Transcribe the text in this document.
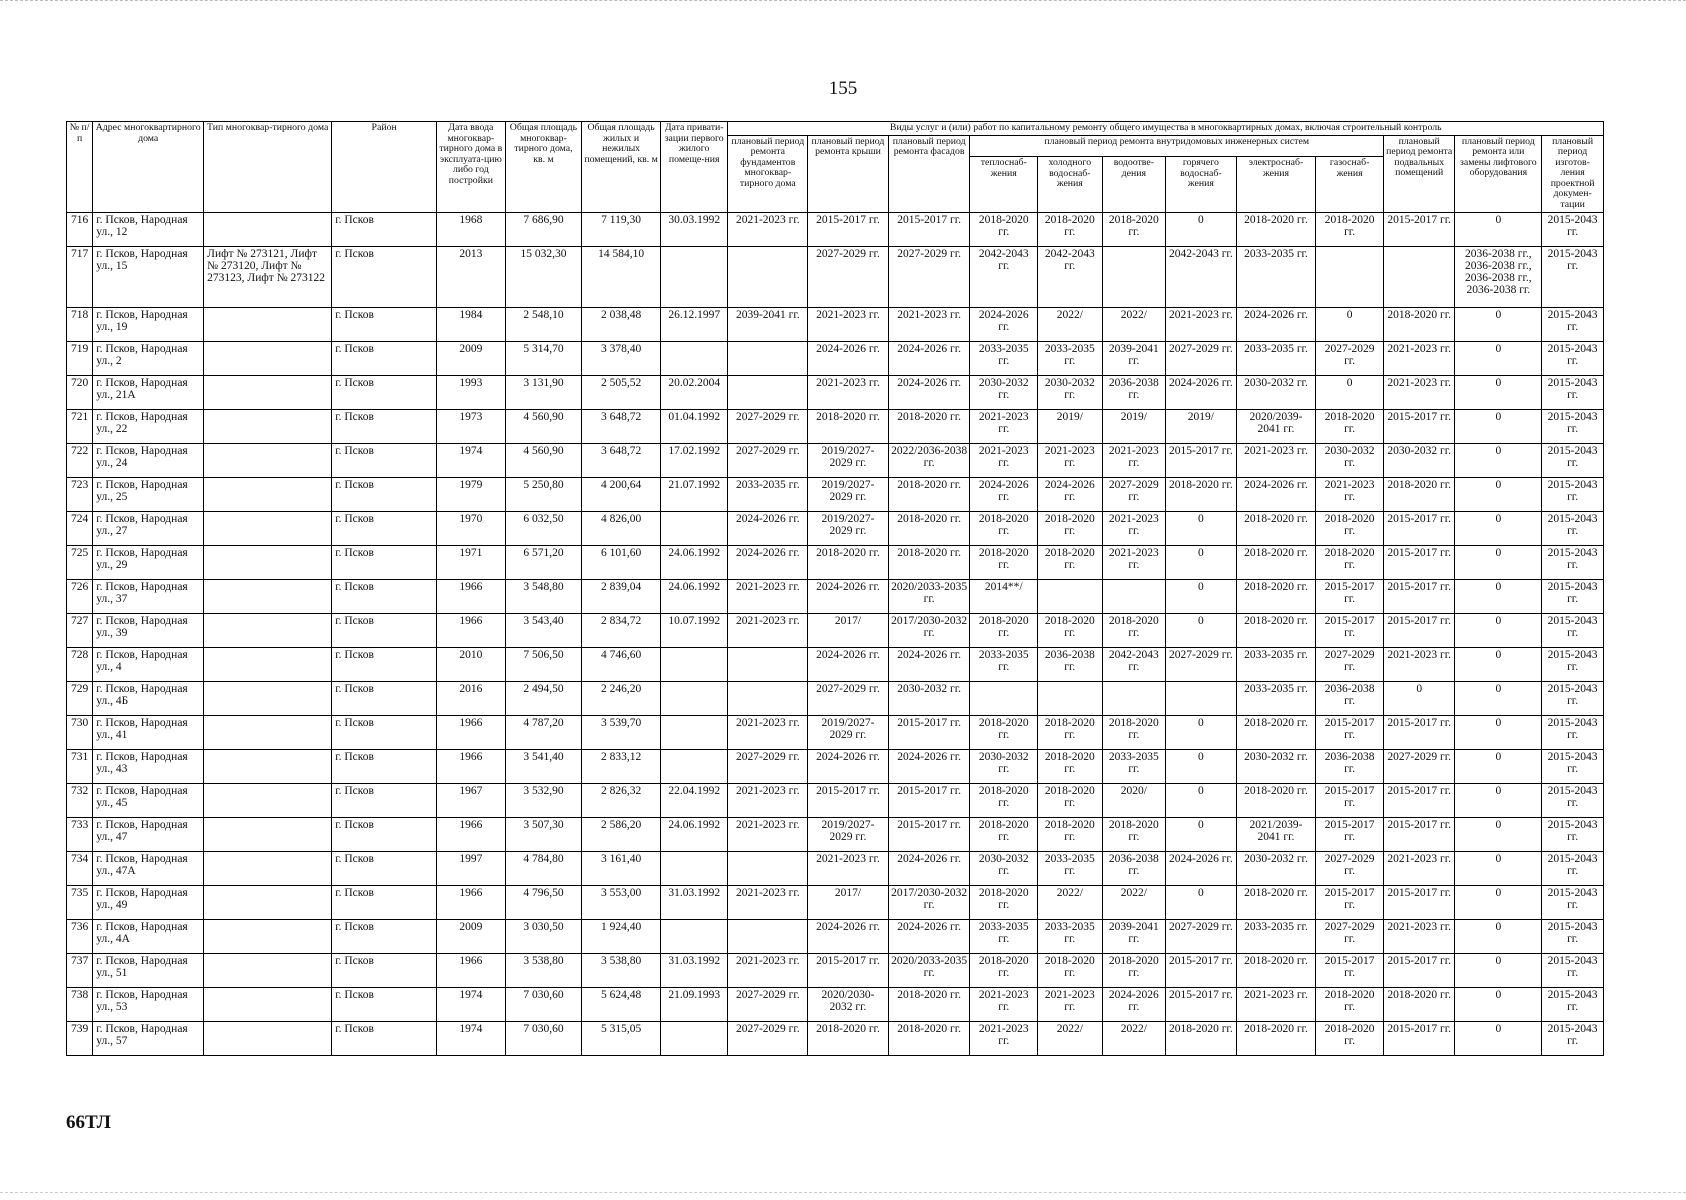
155
№ п/п	Адрес многоквартирного дома	Тип многоквар-тирного дома	Район	Дата ввода многоквар-тирного дома в эксплуата-цию либо год постройки	Общая площадь многоквар-тирного дома, кв. м	Общая площадь жилых и нежилых помещений, кв. м	Дата привати-зации первого жилого помеще-ния	Виды услуг и (или) работ по капитальному ремонту общего имущества в многоквартирных домах, включая строительный контроль											
								плановый период ремонта фундаментов многоквар-тирного дома	плановый период ремонта крыши	плановый период ремонта фасадов	плановый период ремонта внутридомовых инженерных систем						плановый период ремонта подвальных помещений	плановый период ремонта или замены лифтового оборудования	плановый период изготов-ления проектной докумен-тации
											теплоснаб-жения	холодного водоснаб-жения	водоотве-дения	горячего водоснаб-жения	электроснаб-жения	газоснаб-жения			
716	г. Псков, Народная ул., 12		г. Псков	1968	7 686,90	7 119,30	30.03.1992	2021-2023 гг.	2015-2017 гг.	2015-2017 гг.	2018-2020 гг.	2018-2020 гг.	2018-2020 гг.	0	2018-2020 гг.	2018-2020 гг.	2015-2017 гг.	0	2015-2043 гг.
717	г. Псков, Народная ул., 15	Лифт № 273121, Лифт № 273120, Лифт № 273123, Лифт № 273122	г. Псков	2013	15 032,30	14 584,10			2027-2029 гг.	2027-2029 гг.	2042-2043 гг.	2042-2043 гг.		2042-2043 гг.	2033-2035 гг.			2036-2038 гг., 2036-2038 гг., 2036-2038 гг., 2036-2038 гг.	2015-2043 гг.
718	г. Псков, Народная ул., 19		г. Псков	1984	2 548,10	2 038,48	26.12.1997	2039-2041 гг.	2021-2023 гг.	2021-2023 гг.	2024-2026 гг.	2022/	2022/	2021-2023 гг.	2024-2026 гг.	0	2018-2020 гг.	0	2015-2043 гг.
719	г. Псков, Народная ул., 2		г. Псков	2009	5 314,70	3 378,40			2024-2026 гг.	2024-2026 гг.	2033-2035 гг.	2033-2035 гг.	2039-2041 гг.	2027-2029 гг.	2033-2035 гг.	2027-2029 гг.	2021-2023 гг.	0	2015-2043 гг.
720	г. Псков, Народная ул., 21А		г. Псков	1993	3 131,90	2 505,52	20.02.2004		2021-2023 гг.	2024-2026 гг.	2030-2032 гг.	2030-2032 гг.	2036-2038 гг.	2024-2026 гг.	2030-2032 гг.	0	2021-2023 гг.	0	2015-2043 гг.
721	г. Псков, Народная ул., 22		г. Псков	1973	4 560,90	3 648,72	01.04.1992	2027-2029 гг.	2018-2020 гг.	2018-2020 гг.	2021-2023 гг.	2019/	2019/	2019/	2020/2039-2041 гг.	2018-2020 гг.	2015-2017 гг.	0	2015-2043 гг.
722	г. Псков, Народная ул., 24		г. Псков	1974	4 560,90	3 648,72	17.02.1992	2027-2029 гг.	2019/2027-2029 гг.	2022/2036-2038 гг.	2021-2023 гг.	2021-2023 гг.	2021-2023 гг.	2015-2017 гг.	2021-2023 гг.	2030-2032 гг.	2030-2032 гг.	0	2015-2043 гг.
723	г. Псков, Народная ул., 25		г. Псков	1979	5 250,80	4 200,64	21.07.1992	2033-2035 гг.	2019/2027-2029 гг.	2018-2020 гг.	2024-2026 гг.	2024-2026 гг.	2027-2029 гг.	2018-2020 гг.	2024-2026 гг.	2021-2023 гг.	2018-2020 гг.	0	2015-2043 гг.
724	г. Псков, Народная ул., 27		г. Псков	1970	6 032,50	4 826,00		2024-2026 гг.	2019/2027-2029 гг.	2018-2020 гг.	2018-2020 гг.	2018-2020 гг.	2021-2023 гг.	0	2018-2020 гг.	2018-2020 гг.	2015-2017 гг.	0	2015-2043 гг.
725	г. Псков, Народная ул., 29		г. Псков	1971	6 571,20	6 101,60	24.06.1992	2024-2026 гг.	2018-2020 гг.	2018-2020 гг.	2018-2020 гг.	2018-2020 гг.	2021-2023 гг.	0	2018-2020 гг.	2018-2020 гг.	2015-2017 гг.	0	2015-2043 гг.
726	г. Псков, Народная ул., 37		г. Псков	1966	3 548,80	2 839,04	24.06.1992	2021-2023 гг.	2024-2026 гг.	2020/2033-2035 гг.	2014**/			0	2018-2020 гг.	2015-2017 гг.	2015-2017 гг.	0	2015-2043 гг.
727	г. Псков, Народная ул., 39		г. Псков	1966	3 543,40	2 834,72	10.07.1992	2021-2023 гг.	2017/	2017/2030-2032 гг.	2018-2020 гг.	2018-2020 гг.	2018-2020 гг.	0	2018-2020 гг.	2015-2017 гг.	2015-2017 гг.	0	2015-2043 гг.
728	г. Псков, Народная ул., 4		г. Псков	2010	7 506,50	4 746,60			2024-2026 гг.	2024-2026 гг.	2033-2035 гг.	2036-2038 гг.	2042-2043 гг.	2027-2029 гг.	2033-2035 гг.	2027-2029 гг.	2021-2023 гг.	0	2015-2043 гг.
729	г. Псков, Народная ул., 4Б		г. Псков	2016	2 494,50	2 246,20			2027-2029 гг.	2030-2032 гг.					2033-2035 гг.	2036-2038 гг.	0	0	2015-2043 гг.
730	г. Псков, Народная ул., 41		г. Псков	1966	4 787,20	3 539,70		2021-2023 гг.	2019/2027-2029 гг.	2015-2017 гг.	2018-2020 гг.	2018-2020 гг.	2018-2020 гг.	0	2018-2020 гг.	2015-2017 гг.	2015-2017 гг.	0	2015-2043 гг.
731	г. Псков, Народная ул., 43		г. Псков	1966	3 541,40	2 833,12		2027-2029 гг.	2024-2026 гг.	2024-2026 гг.	2030-2032 гг.	2018-2020 гг.	2033-2035 гг.	0	2030-2032 гг.	2036-2038 гг.	2027-2029 гг.	0	2015-2043 гг.
732	г. Псков, Народная ул., 45		г. Псков	1967	3 532,90	2 826,32	22.04.1992	2021-2023 гг.	2015-2017 гг.	2015-2017 гг.	2018-2020 гг.	2018-2020 гг.	2020/	0	2018-2020 гг.	2015-2017 гг.	2015-2017 гг.	0	2015-2043 гг.
733	г. Псков, Народная ул., 47		г. Псков	1966	3 507,30	2 586,20	24.06.1992	2021-2023 гг.	2019/2027-2029 гг.	2015-2017 гг.	2018-2020 гг.	2018-2020 гг.	2018-2020 гг.	0	2021/2039-2041 гг.	2015-2017 гг.	2015-2017 гг.	0	2015-2043 гг.
734	г. Псков, Народная ул., 47А		г. Псков	1997	4 784,80	3 161,40			2021-2023 гг.	2024-2026 гг.	2030-2032 гг.	2033-2035 гг.	2036-2038 гг.	2024-2026 гг.	2030-2032 гг.	2027-2029 гг.	2021-2023 гг.	0	2015-2043 гг.
735	г. Псков, Народная ул., 49		г. Псков	1966	4 796,50	3 553,00	31.03.1992	2021-2023 гг.	2017/	2017/2030-2032 гг.	2018-2020 гг.	2022/	2022/	0	2018-2020 гг.	2015-2017 гг.	2015-2017 гг.	0	2015-2043 гг.
736	г. Псков, Народная ул., 4А		г. Псков	2009	3 030,50	1 924,40			2024-2026 гг.	2024-2026 гг.	2033-2035 гг.	2033-2035 гг.	2039-2041 гг.	2027-2029 гг.	2033-2035 гг.	2027-2029 гг.	2021-2023 гг.	0	2015-2043 гг.
737	г. Псков, Народная ул., 51		г. Псков	1966	3 538,80	3 538,80	31.03.1992	2021-2023 гг.	2015-2017 гг.	2020/2033-2035 гг.	2018-2020 гг.	2018-2020 гг.	2018-2020 гг.	2015-2017 гг.	2018-2020 гг.	2015-2017 гг.	2015-2017 гг.	0	2015-2043 гг.
738	г. Псков, Народная ул., 53		г. Псков	1974	7 030,60	5 624,48	21.09.1993	2027-2029 гг.	2020/2030-2032 гг.	2018-2020 гг.	2021-2023 гг.	2021-2023 гг.	2024-2026 гг.	2015-2017 гг.	2021-2023 гг.	2018-2020 гг.	2018-2020 гг.	0	2015-2043 гг.
739	г. Псков, Народная ул., 57		г. Псков	1974	7 030,60	5 315,05		2027-2029 гг.	2018-2020 гг.	2018-2020 гг.	2021-2023 гг.	2022/	2022/	2018-2020 гг.	2018-2020 гг.	2018-2020 гг.	2015-2017 гг.	0	2015-2043 гг.
66ТЛ
